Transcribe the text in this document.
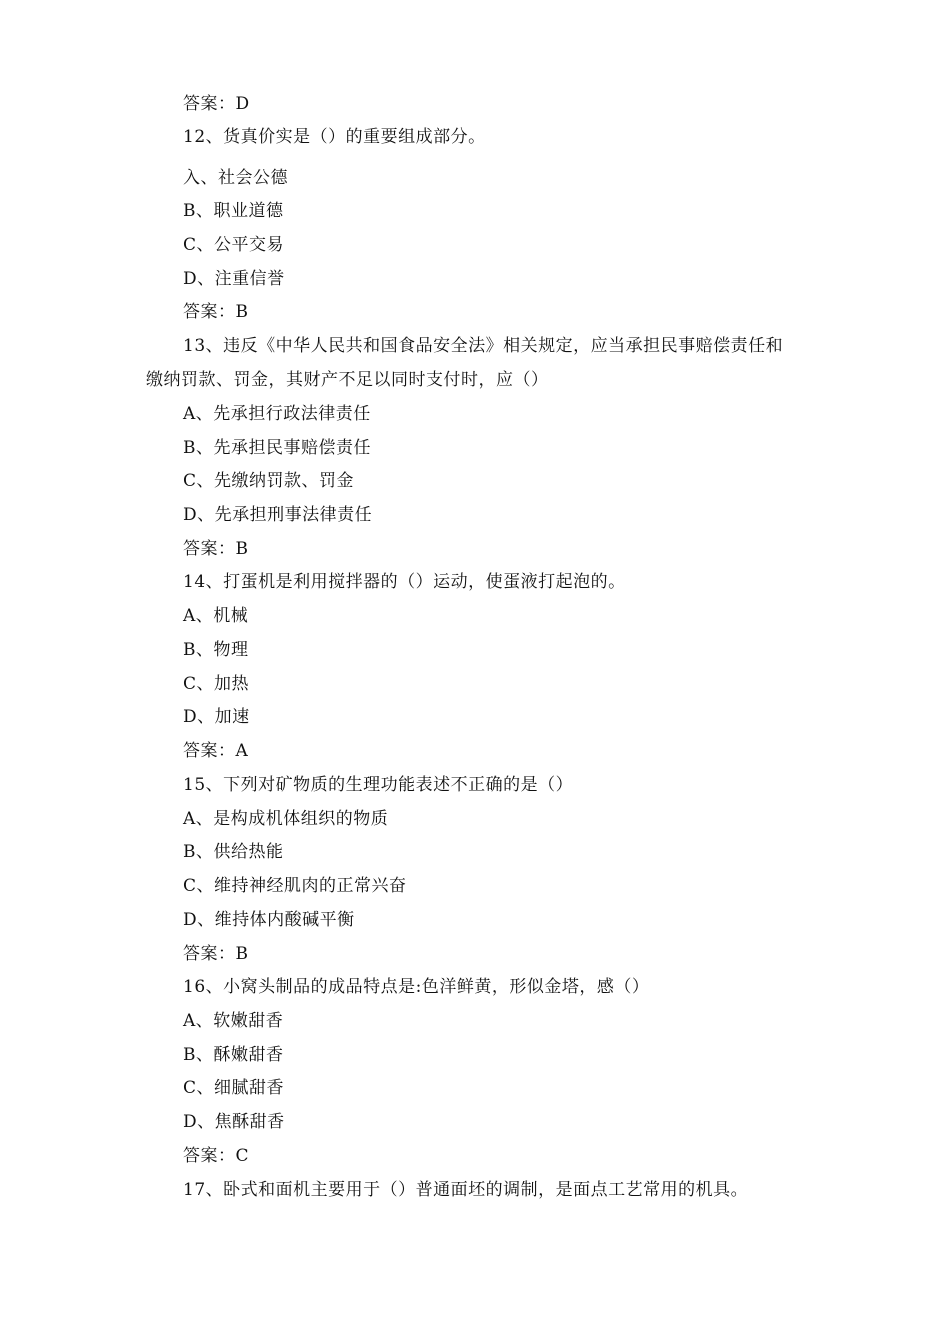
答案：D
12、货真价实是（）的重要组成部分。
入、社会公德
B、职业道德
C、公平交易
D、注重信誉
答案：B
13、违反《中华人民共和国食品安全法》相关规定，应当承担民事赔偿责任和
缴纳罚款、罚金，其财产不足以同时支付时，应（）
A、先承担行政法律责任
B、先承担民事赔偿责任
C、先缴纳罚款、罚金
D、先承担刑事法律责任
答案：B
14、打蛋机是利用搅拌器的（）运动，使蛋液打起泡的。
A、机械
B、物理
C、加热
D、加速
答案：A
15、下列对矿物质的生理功能表述不正确的是（）
A、是构成机体组织的物质
B、供给热能
C、维持神经肌肉的正常兴奋
D、维持体内酸碱平衡
答案：B
16、小窝头制品的成品特点是:色洋鲜黄，形似金塔，感（）
A、软嫩甜香
B、酥嫩甜香
C、细腻甜香
D、焦酥甜香
答案：C
17、卧式和面机主要用于（）普通面坯的调制，是面点工艺常用的机具。
